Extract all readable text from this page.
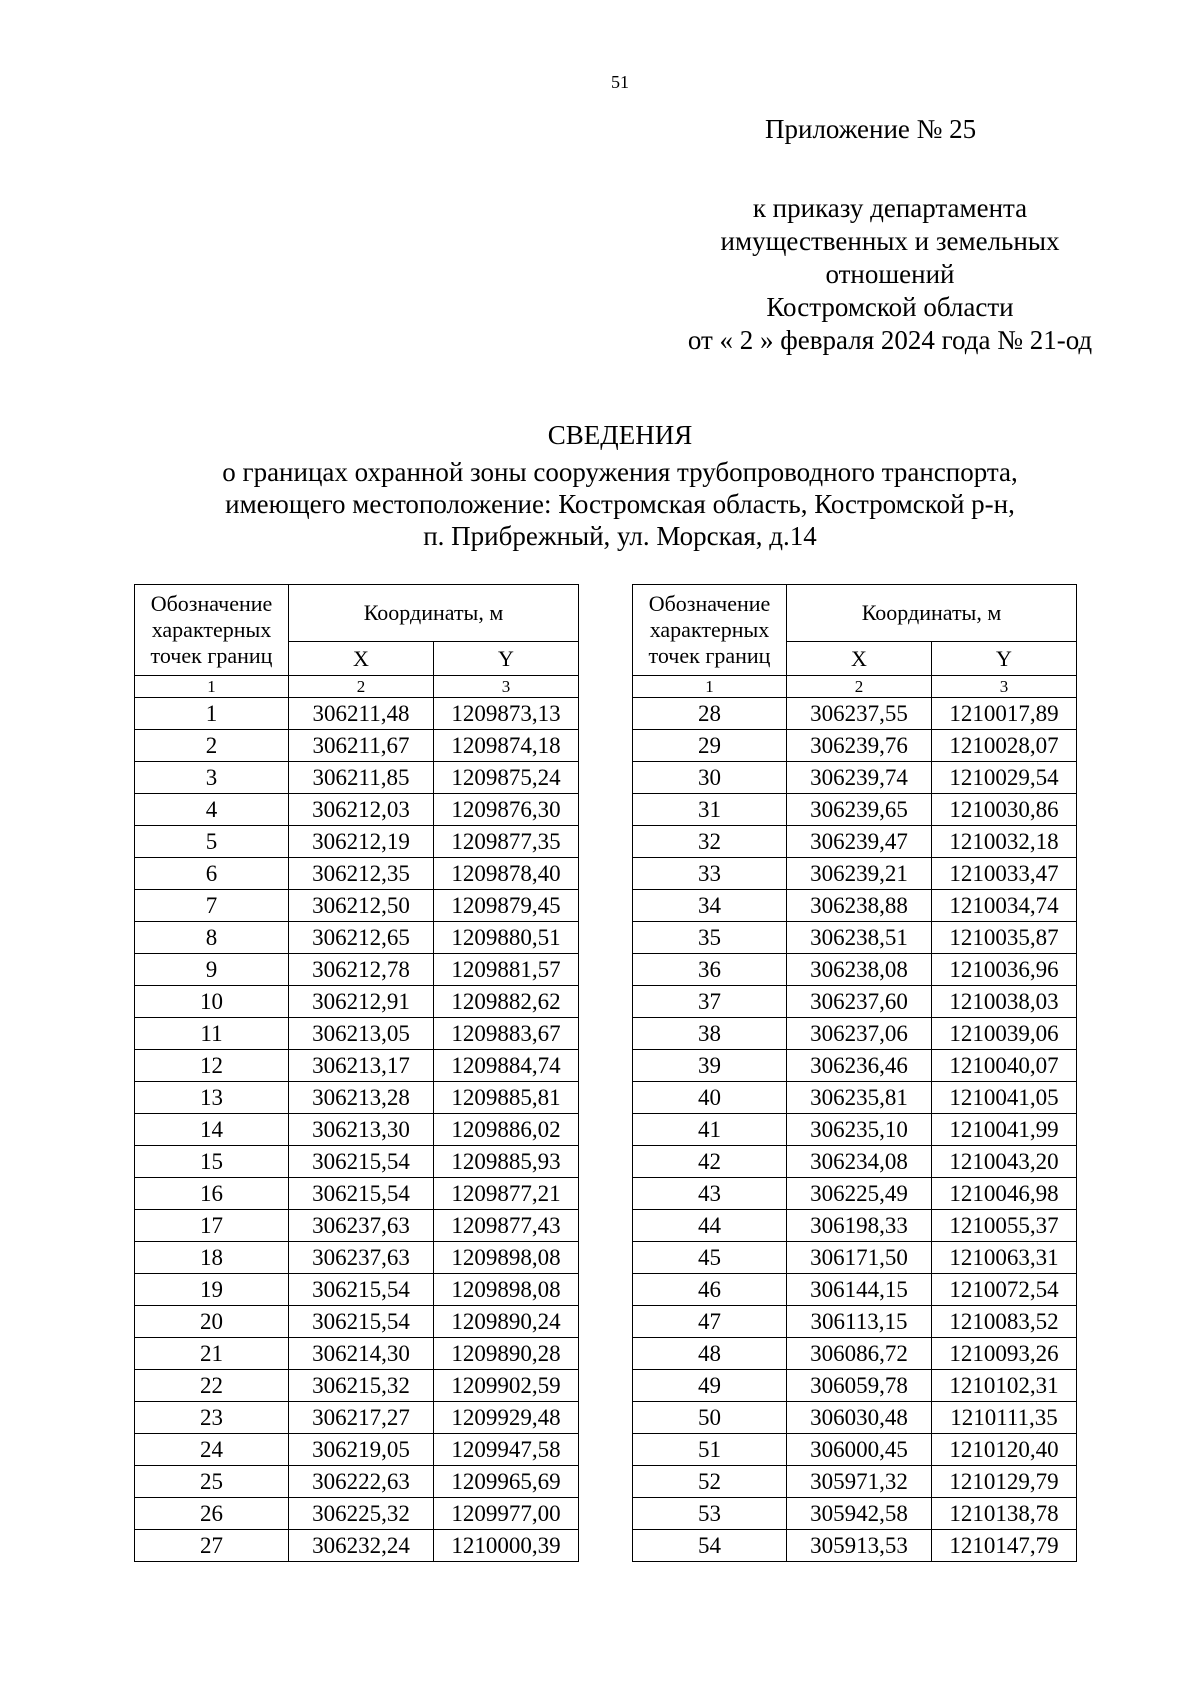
51
Приложение № 25
к приказу департамента
имущественных и земельных
отношений
Костромской области
от « 2 » февраля 2024 года № 21-од
СВЕДЕНИЯ
о границах охранной зоны сооружения трубопроводного транспорта,
имеющего местоположение: Костромская область, Костромской р-н,
п. Прибрежный, ул. Морская, д.14
Обозначение
характерных
точек границ	Координаты, м	
	X	Y
1	2	3
1	306211,48	1209873,13
2	306211,67	1209874,18
3	306211,85	1209875,24
4	306212,03	1209876,30
5	306212,19	1209877,35
6	306212,35	1209878,40
7	306212,50	1209879,45
8	306212,65	1209880,51
9	306212,78	1209881,57
10	306212,91	1209882,62
11	306213,05	1209883,67
12	306213,17	1209884,74
13	306213,28	1209885,81
14	306213,30	1209886,02
15	306215,54	1209885,93
16	306215,54	1209877,21
17	306237,63	1209877,43
18	306237,63	1209898,08
19	306215,54	1209898,08
20	306215,54	1209890,24
21	306214,30	1209890,28
22	306215,32	1209902,59
23	306217,27	1209929,48
24	306219,05	1209947,58
25	306222,63	1209965,69
26	306225,32	1209977,00
27	306232,24	1210000,39
Обозначение
характерных
точек границ	Координаты, м	
	X	Y
1	2	3
28	306237,55	1210017,89
29	306239,76	1210028,07
30	306239,74	1210029,54
31	306239,65	1210030,86
32	306239,47	1210032,18
33	306239,21	1210033,47
34	306238,88	1210034,74
35	306238,51	1210035,87
36	306238,08	1210036,96
37	306237,60	1210038,03
38	306237,06	1210039,06
39	306236,46	1210040,07
40	306235,81	1210041,05
41	306235,10	1210041,99
42	306234,08	1210043,20
43	306225,49	1210046,98
44	306198,33	1210055,37
45	306171,50	1210063,31
46	306144,15	1210072,54
47	306113,15	1210083,52
48	306086,72	1210093,26
49	306059,78	1210102,31
50	306030,48	1210111,35
51	306000,45	1210120,40
52	305971,32	1210129,79
53	305942,58	1210138,78
54	305913,53	1210147,79
